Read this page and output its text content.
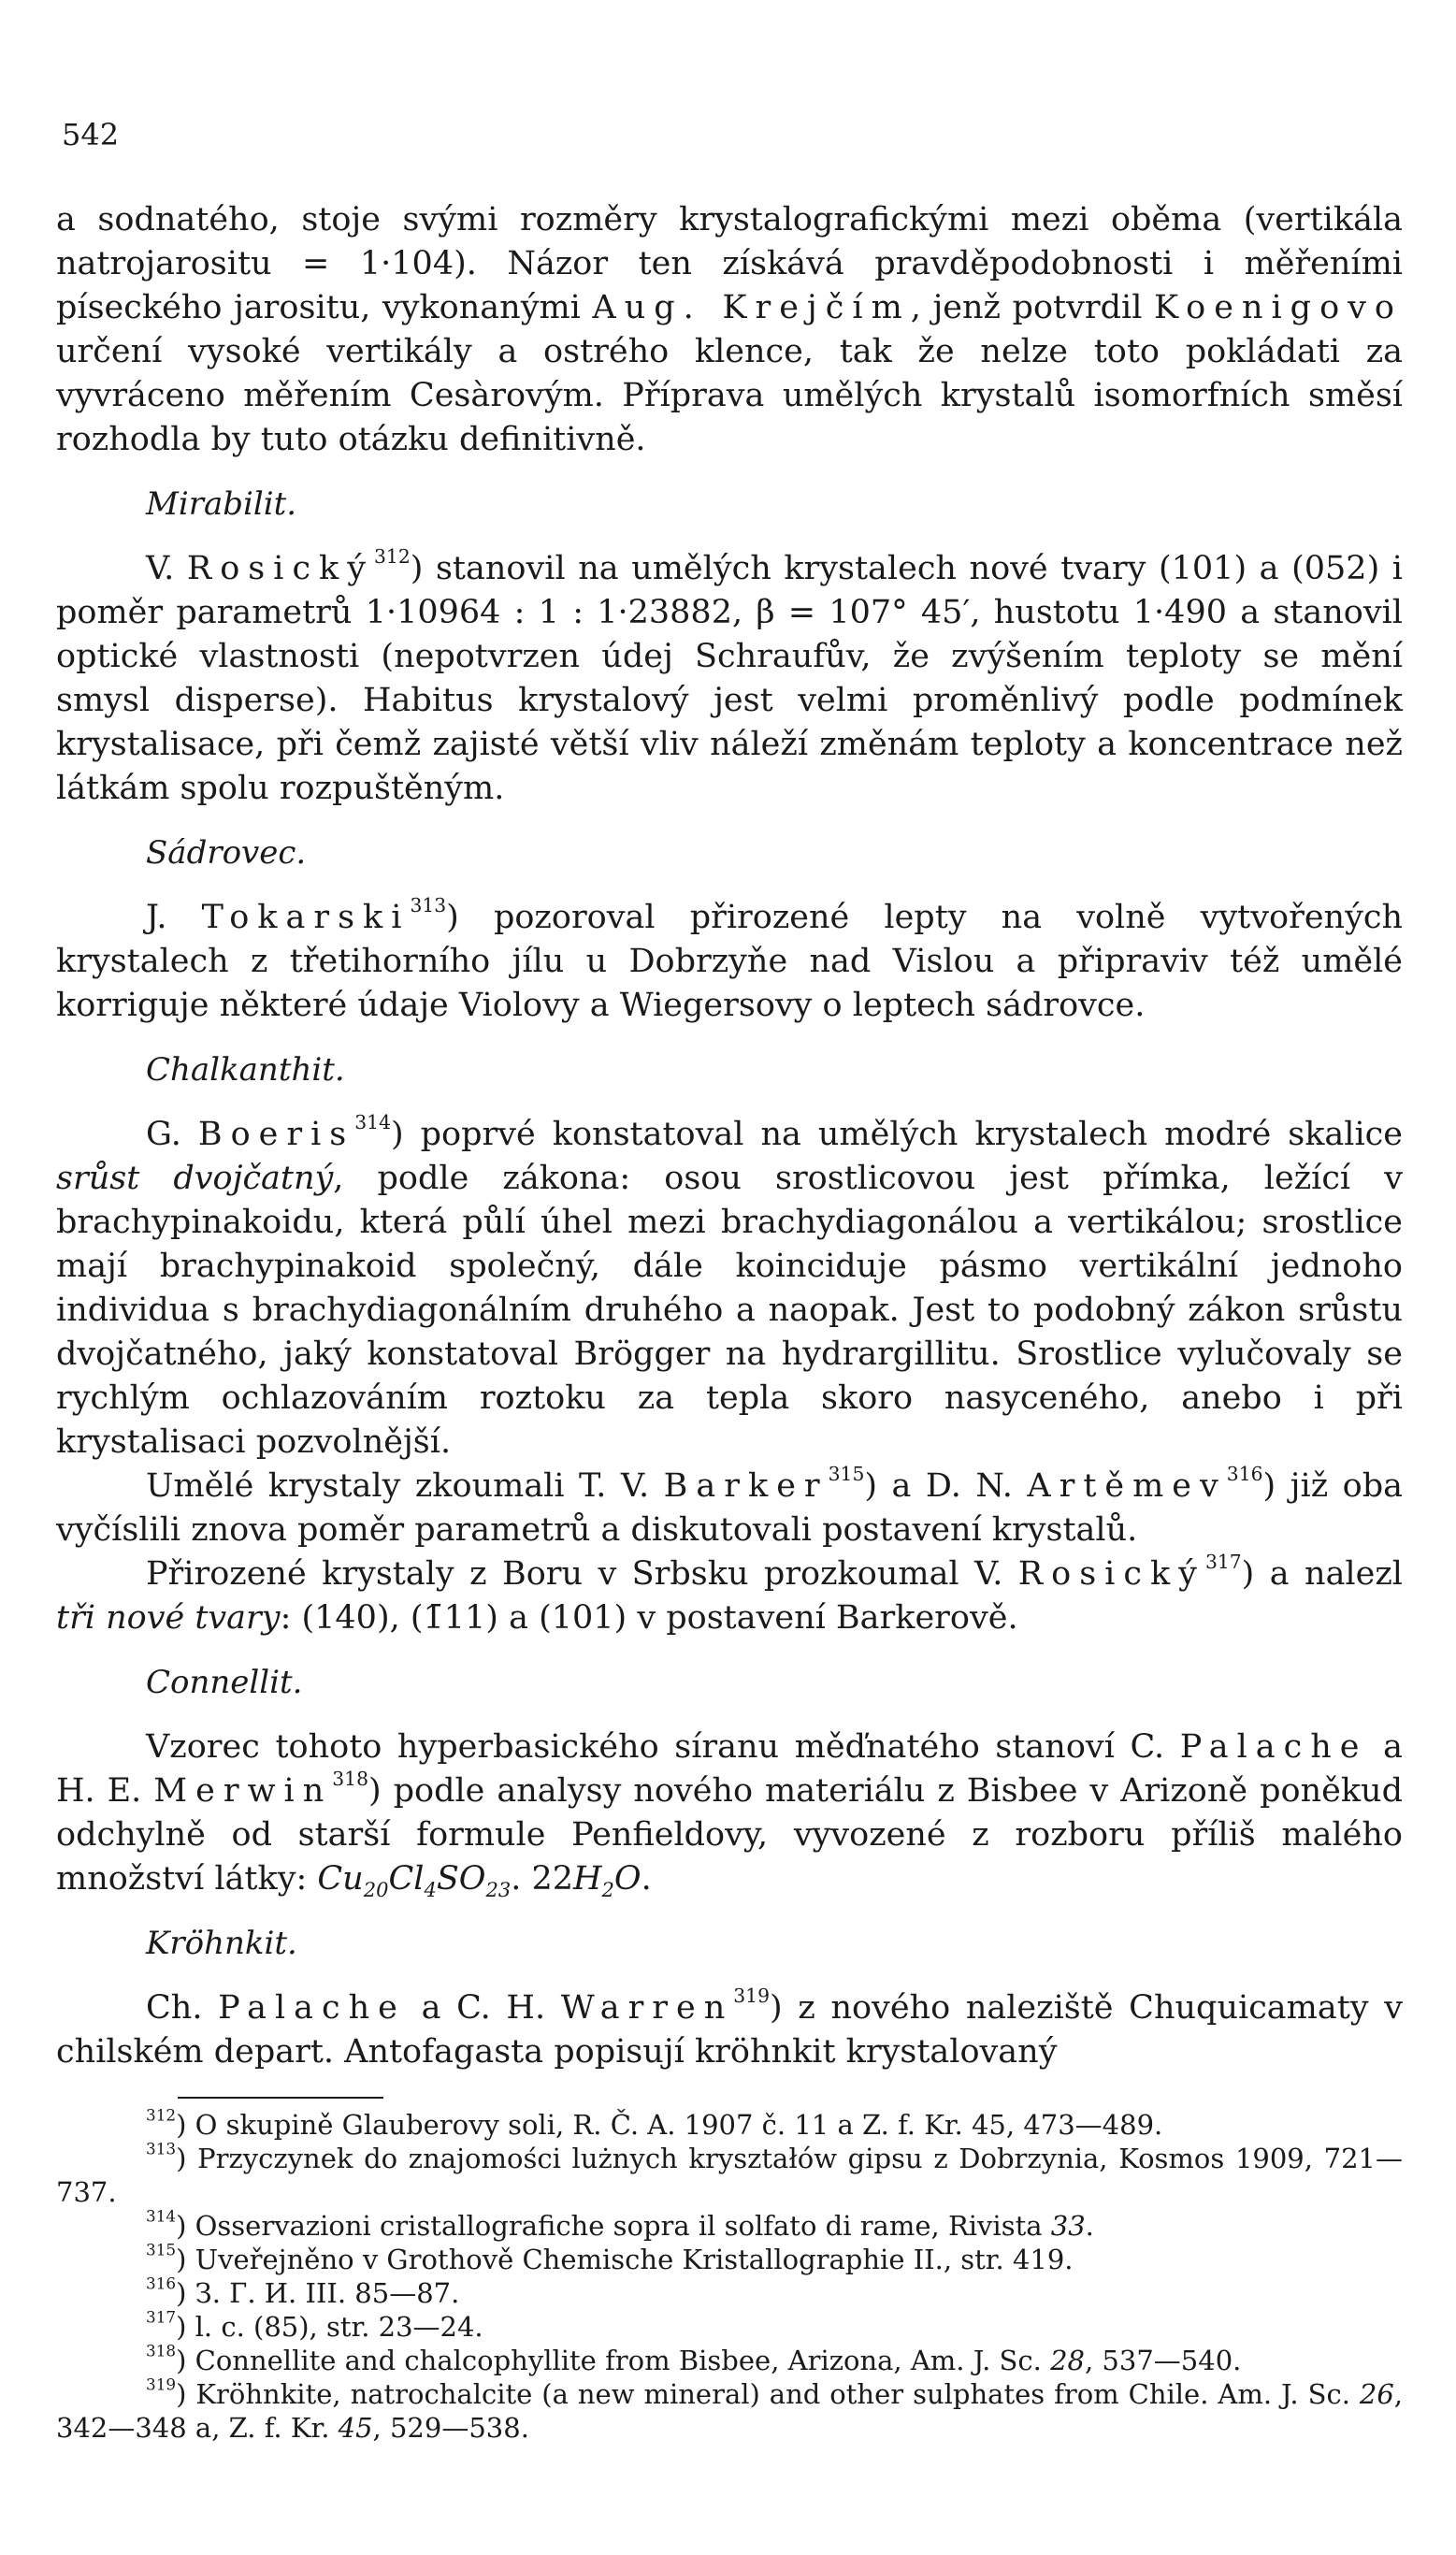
542

a sodnatého, stoje svými rozměry krystalografickými mezi oběma (vertikála natrojarositu = 1·104). Názor ten získává pravděpodobnosti i měřeními píseckého jarositu, vykonanými Aug. Krejčím, jenž potvrdil Koenigovo určení vysoké vertikály a ostrého klence, tak že nelze toto pokládati za vyvráceno měřením Cesàrovým. Příprava umělých krystalů isomorfních směsí rozhodla by tuto otázku definitivně.

Mirabilit.

V. Rosický$^{312}$) stanovil na umělých krystalech nové tvary (101) a (052) i poměr parametrů 1·10964 : 1 : 1·23882, β = 107° 45′, hustotu 1·490 a stanovil optické vlastnosti (nepotvrzen údej Schraufův, že zvýšením teploty se mění smysl disperse). Habitus krystalový jest velmi proměnlivý podle podmínek krystalisace, při čemž zajisté větší vliv náleží změnám teploty a koncentrace než látkám spolu rozpuštěným.

Sádrovec.

J. Tokarski$^{313}$) pozoroval přirozené lepty na volně vytvořených krystalech z třetihorního jílu u Dobrzyňe nad Vislou a připraviv též umělé korriguje některé údaje Violovy a Wiegersovy o leptech sádrovce.

Chalkanthit.

G. Boeris$^{314}$) poprvé konstatoval na umělých krystalech modré skalice srůst dvojčatný, podle zákona: osou srostlicovou jest přímka, ležící v brachypinakoidu, která půlí úhel mezi brachydiagonálou a vertikálou; srostlice mají brachypinakoid společný, dále koinciduje pásmo vertikální jednoho individua s brachydiagonálním druhého a naopak. Jest to podobný zákon srůstu dvojčatného, jaký konstatoval Brögger na hydrargillitu. Srostlice vylučovaly se rychlým ochlazováním roztoku za tepla skoro nasyceného, anebo i při krystalisaci pozvolnější.

Umělé krystaly zkoumali T. V. Barker$^{315}$) a D. N. Artěmev$^{316}$) již oba vyčíslili znova poměr parametrů a diskutovali postavení krystalů.

Přirozené krystaly z Boru v Srbsku prozkoumal V. Rosický$^{317}$) a nalezl tři nové tvary: (140), (1̄11) a (101) v postavení Barkerově.

Connellit.

Vzorec tohoto hyperbasického síranu měďnatého stanoví C. Palache a H. E. Merwin$^{318}$) podle analysy nového materiálu z Bisbee v Arizoně poněkud odchylně od starší formule Penfieldovy, vyvozené z rozboru příliš malého množství látky: $Cu_{20}Cl_4SO_{23}$. $22H_2O$.

Kröhnkit.

Ch. Palache a C. H. Warren$^{319}$) z nového naleziště Chuquicamaty v chilském depart. Antofagasta popisují kröhnkit krystalovaný

$^{312}$) O skupině Glauberovy soli, R. Č. A. 1907 č. 11 a Z. f. Kr. 45, 473—489.

$^{313}$) Przyczynek do znajomości lużnych kryształów gipsu z Dobrzynia, Kosmos 1909, 721—737.

$^{314}$) Osservazioni cristallografiche sopra il solfato di rame, Rivista 33.

$^{315}$) Uveřejněno v Grothově Chemische Kristallographie II., str. 419.

$^{316}$) З. Г. И. III. 85—87.

$^{317}$) l. c. (85), str. 23—24.

$^{318}$) Connellite and chalcophyllite from Bisbee, Arizona, Am. J. Sc. 28, 537—540.

$^{319}$) Kröhnkite, natrochalcite (a new mineral) and other sulphates from Chile. Am. J. Sc. 26, 342—348 a, Z. f. Kr. 45, 529—538.
